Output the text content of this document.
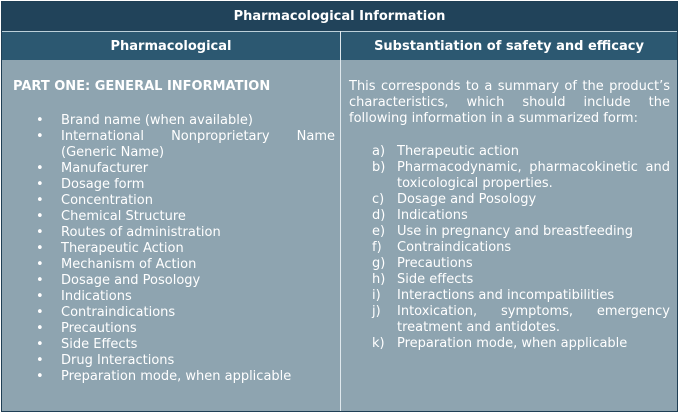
Pharmacological Information
Pharmacological	Substantiation of safety and efficacy
PART ONE: GENERAL INFORMATION
• Brand name (when available)
• International Nonproprietary Name (Generic Name)
• Manufacturer
• Dosage form
• Concentration
• Chemical Structure
• Routes of administration
• Therapeutic Action
• Mechanism of Action
• Dosage and Posology
• Indications
• Contraindications
• Precautions
• Side Effects
• Drug Interactions
• Preparation mode, when applicable
This corresponds to a summary of the product’s characteristics, which should include the following information in a summarized form:
a) Therapeutic action
b) Pharmacodynamic, pharmacokinetic and toxicological properties.
c) Dosage and Posology
d) Indications
e) Use in pregnancy and breastfeeding
f) Contraindications
g) Precautions
h) Side effects
i) Interactions and incompatibilities
j) Intoxication, symptoms, emergency treatment and antidotes.
k) Preparation mode, when applicable
